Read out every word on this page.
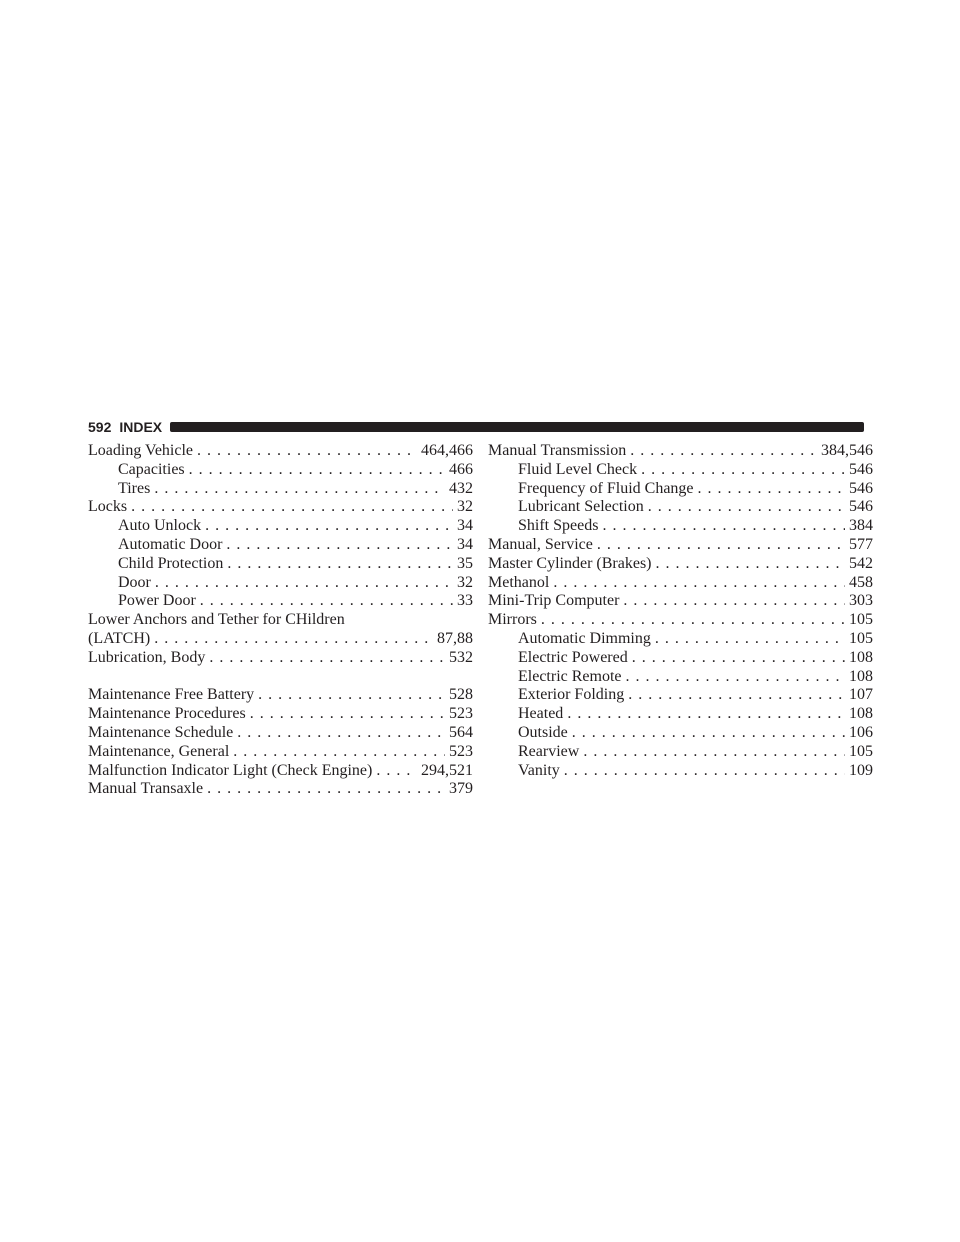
592 INDEX
Loading Vehicle . . .	464,466
Capacities . . .	466
Tires . . .	432
Locks . . .	32
Auto Unlock . . .	34
Automatic Door . . .	34
Child Protection . . .	35
Door . . .	32
Power Door . . .	33
Lower Anchors and Tether for CHildren
(LATCH) . . .	87,88
Lubrication, Body . . .	532
Maintenance Free Battery . . .	528
Maintenance Procedures . . .	523
Maintenance Schedule . . .	564
Maintenance, General . . .	523
Malfunction Indicator Light (Check Engine) . . .	294,521
Manual Transaxle . . .	379
Manual Transmission . . .	384,546
Fluid Level Check . . .	546
Frequency of Fluid Change . . .	546
Lubricant Selection . . .	546
Shift Speeds . . .	384
Manual, Service . . .	577
Master Cylinder (Brakes) . . .	542
Methanol . . .	458
Mini-Trip Computer . . .	303
Mirrors . . .	105
Automatic Dimming . . .	105
Electric Powered . . .	108
Electric Remote . . .	108
Exterior Folding . . .	107
Heated . . .	108
Outside . . .	106
Rearview . . .	105
Vanity . . .	109
